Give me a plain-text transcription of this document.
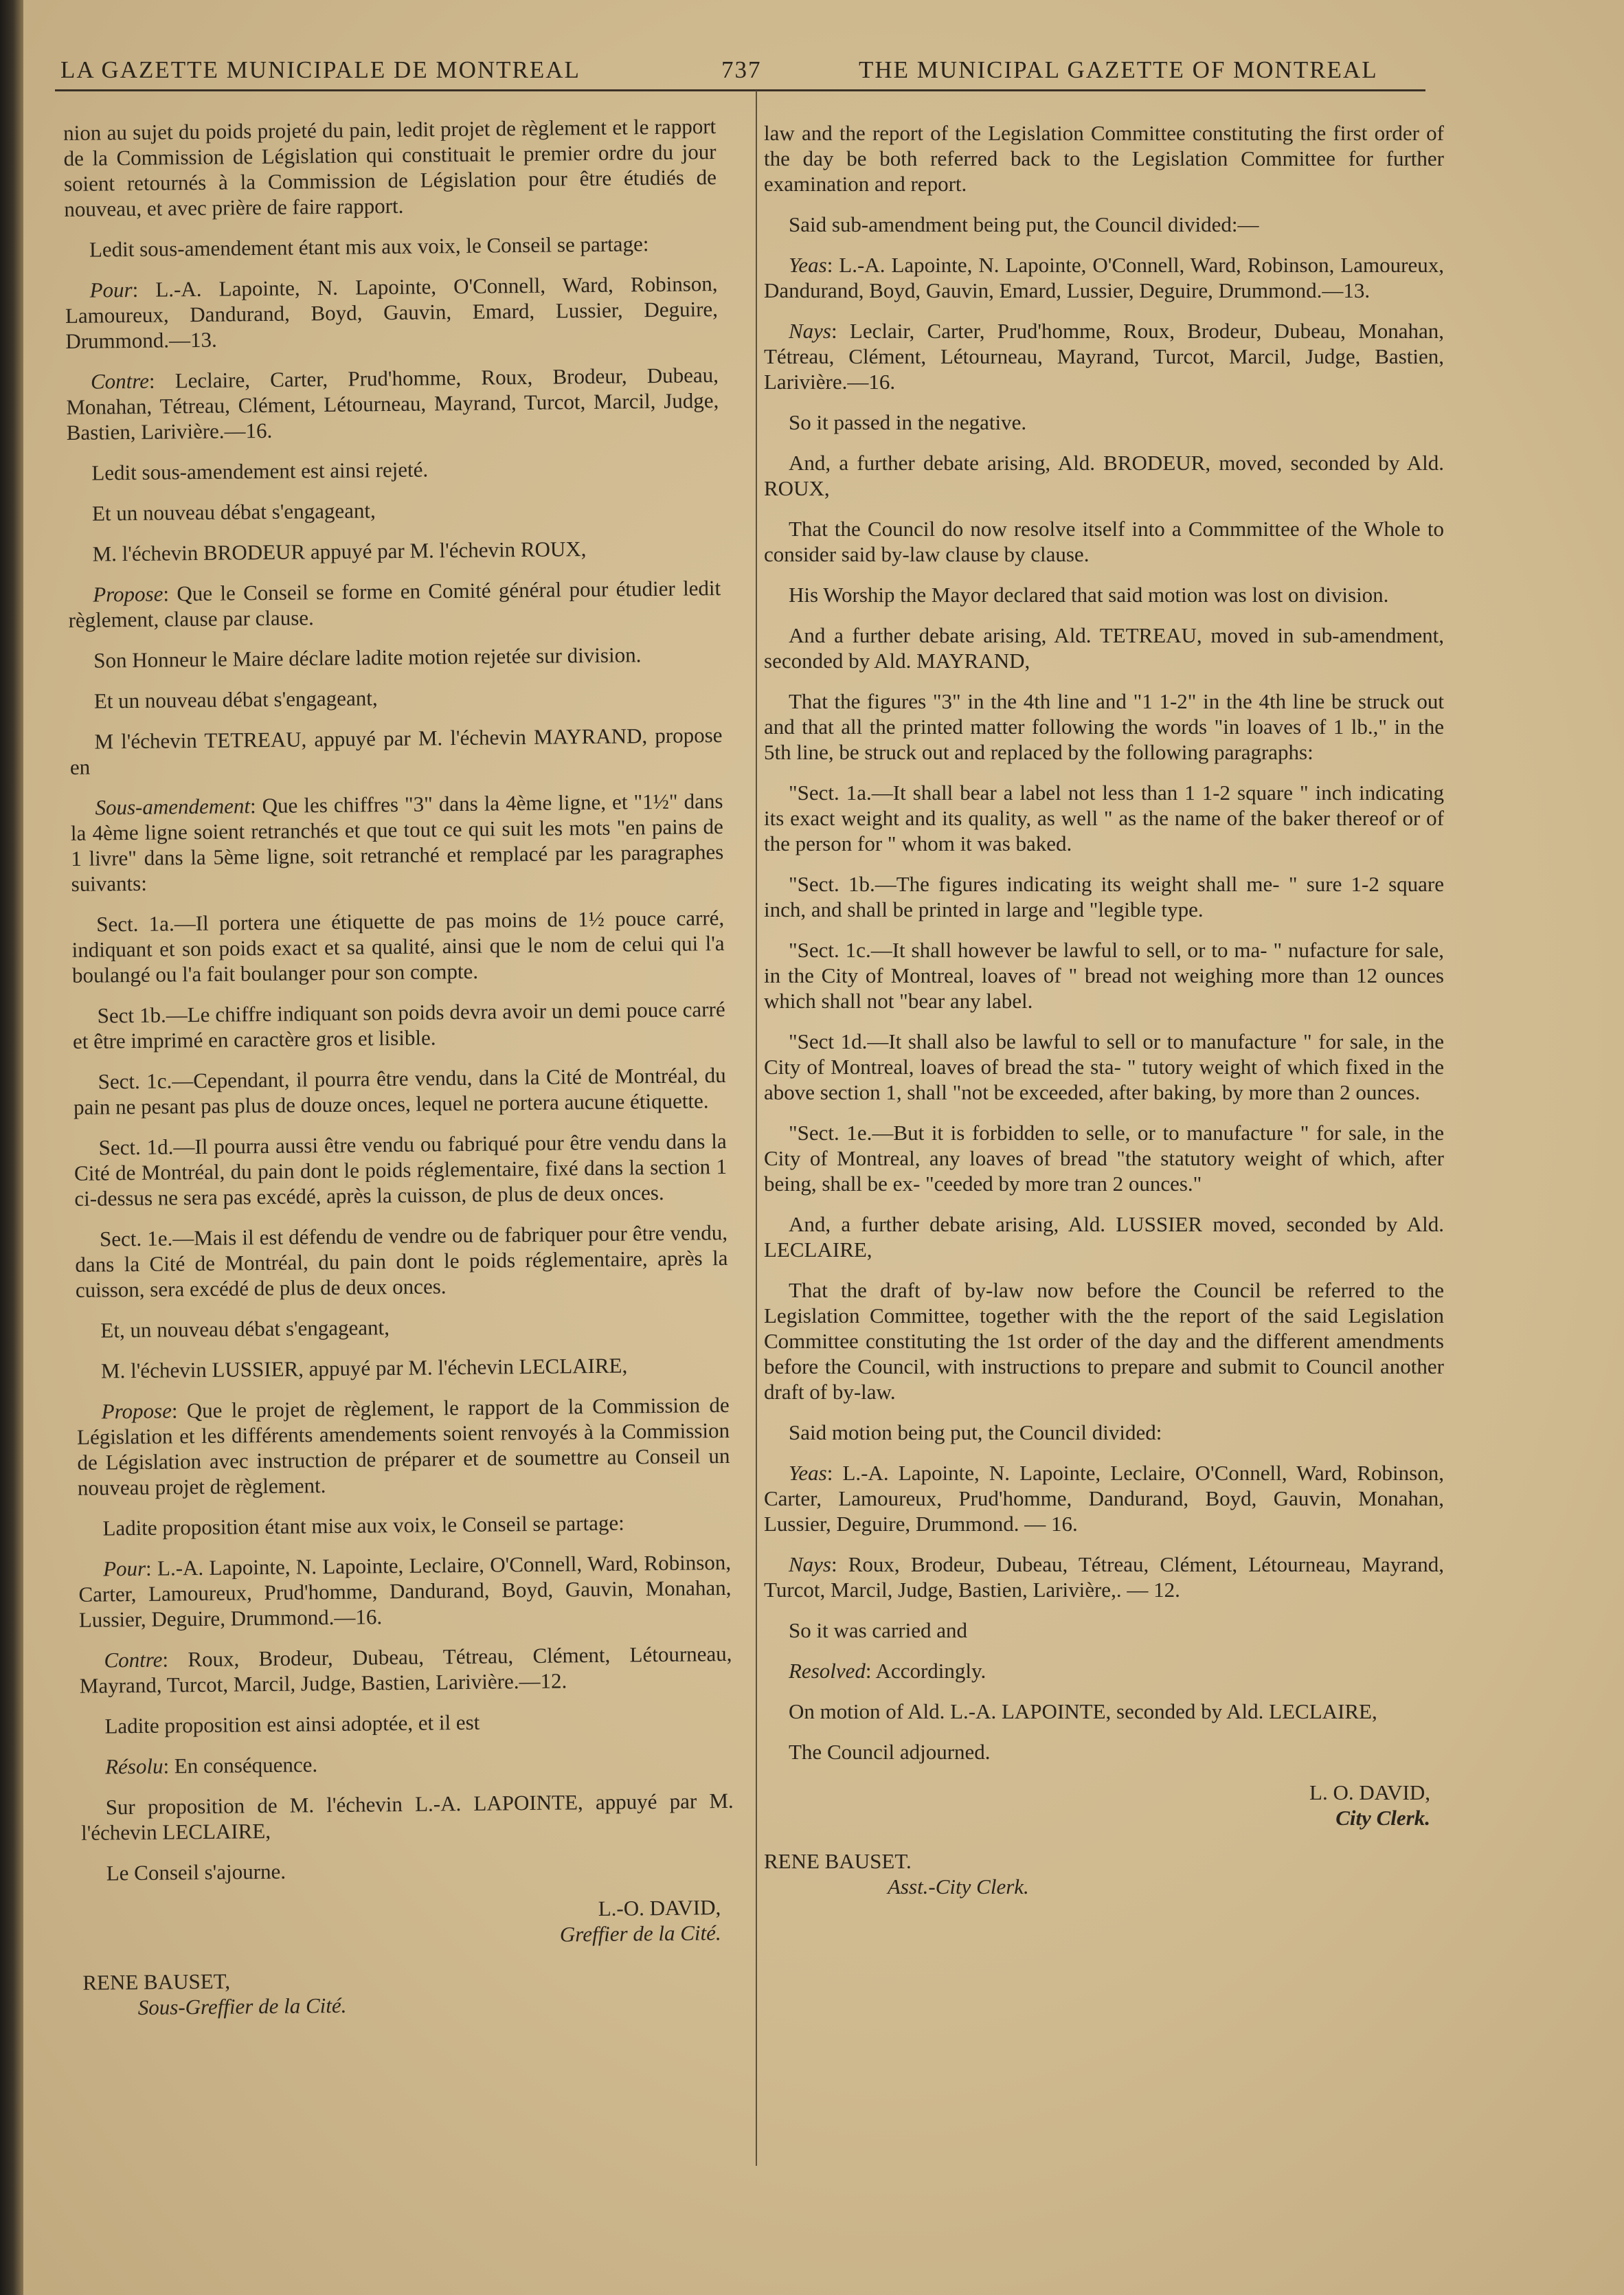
LA GAZETTE MUNICIPALE DE MONTREAL	737	THE MUNICIPAL GAZETTE OF MONTREAL

nion au sujet du poids projeté du pain, ledit projet de règlement et le rapport de la Commission de Législation qui constituait le premier ordre du jour soient retournés à la Commission de Législation pour être étudiés de nouveau, et avec prière de faire rapport.

Ledit sous-amendement étant mis aux voix, le Conseil se partage:

Pour: L.-A. Lapointe, N. Lapointe, O'Connell, Ward, Robinson, Lamoureux, Dandurand, Boyd, Gauvin, Emard, Lussier, Deguire, Drummond.—13.

Contre: Leclaire, Carter, Prud'homme, Roux, Brodeur, Dubeau, Monahan, Tétreau, Clément, Létourneau, Mayrand, Turcot, Marcil, Judge, Bastien, Larivière.—16.

Ledit sous-amendement est ainsi rejeté.

Et un nouveau débat s'engageant,

M. l'échevin BRODEUR appuyé par M. l'échevin ROUX,

Propose: Que le Conseil se forme en Comité général pour étudier ledit règlement, clause par clause.

Son Honneur le Maire déclare ladite motion rejetée sur division.

Et un nouveau débat s'engageant,

M l'échevin TETREAU, appuyé par M. l'échevin MAYRAND, propose en

Sous-amendement: Que les chiffres "3" dans la 4ème ligne, et "1½" dans la 4ème ligne soient retranchés et que tout ce qui suit les mots "en pains de 1 livre" dans la 5ème ligne, soit retranché et remplacé par les paragraphes suivants:

Sect. 1a.—Il portera une étiquette de pas moins de 1½ pouce carré, indiquant et son poids exact et sa qualité, ainsi que le nom de celui qui l'a boulangé ou l'a fait boulanger pour son compte.

Sect 1b.—Le chiffre indiquant son poids devra avoir un demi pouce carré et être imprimé en caractère gros et lisible.

Sect. 1c.—Cependant, il pourra être vendu, dans la Cité de Montréal, du pain ne pesant pas plus de douze onces, lequel ne portera aucune étiquette.

Sect. 1d.—Il pourra aussi être vendu ou fabriqué pour être vendu dans la Cité de Montréal, du pain dont le poids réglementaire, fixé dans la section 1 ci-dessus ne sera pas excédé, après la cuisson, de plus de deux onces.

Sect. 1e.—Mais il est défendu de vendre ou de fabriquer pour être vendu, dans la Cité de Montréal, du pain dont le poids réglementaire, après la cuisson, sera excédé de plus de deux onces.

Et, un nouveau débat s'engageant,

M. l'échevin LUSSIER, appuyé par M. l'échevin LECLAIRE,

Propose: Que le projet de règlement, le rapport de la Commission de Législation et les différents amendements soient renvoyés à la Commission de Législation avec instruction de préparer et de soumettre au Conseil un nouveau projet de règlement.

Ladite proposition étant mise aux voix, le Conseil se partage:

Pour: L.-A. Lapointe, N. Lapointe, Leclaire, O'Connell, Ward, Robinson, Carter, Lamoureux, Prud'homme, Dandurand, Boyd, Gauvin, Monahan, Lussier, Deguire, Drummond.—16.

Contre: Roux, Brodeur, Dubeau, Tétreau, Clément, Létourneau, Mayrand, Turcot, Marcil, Judge, Bastien, Larivière.—12.

Ladite proposition est ainsi adoptée, et il est

Résolu: En conséquence.

Sur proposition de M. l'échevin L.-A. LAPOINTE, appuyé par M. l'échevin LECLAIRE,

Le Conseil s'ajourne.

L.-O. DAVID,

Greffier de la Cité.

RENE BAUSET,

Sous-Greffier de la Cité.

law and the report of the Legislation Committee constituting the first order of the day be both referred back to the Legislation Committee for further examination and report.

Said sub-amendment being put, the Council divided:—

Yeas: L.-A. Lapointe, N. Lapointe, O'Connell, Ward, Robinson, Lamoureux, Dandurand, Boyd, Gauvin, Emard, Lussier, Deguire, Drummond.—13.

Nays: Leclair, Carter, Prud'homme, Roux, Brodeur, Dubeau, Monahan, Tétreau, Clément, Létourneau, Mayrand, Turcot, Marcil, Judge, Bastien, Larivière.—16.

So it passed in the negative.

And, a further debate arising, Ald. BRODEUR, moved, seconded by Ald. ROUX,

That the Council do now resolve itself into a Commmittee of the Whole to consider said by-law clause by clause.

His Worship the Mayor declared that said motion was lost on division.

And a further debate arising, Ald. TETREAU, moved in sub-amendment, seconded by Ald. MAYRAND,

That the figures "3" in the 4th line and "1 1-2" in the 4th line be struck out and that all the printed matter following the words "in loaves of 1 lb.," in the 5th line, be struck out and replaced by the following paragraphs:

"Sect. 1a.—It shall bear a label not less than 1 1-2 square " inch indicating its exact weight and its quality, as well " as the name of the baker thereof or of the person for " whom it was baked.

"Sect. 1b.—The figures indicating its weight shall me- " sure 1-2 square inch, and shall be printed in large and "legible type.

"Sect. 1c.—It shall however be lawful to sell, or to ma- " nufacture for sale, in the City of Montreal, loaves of " bread not weighing more than 12 ounces which shall not "bear any label.

"Sect 1d.—It shall also be lawful to sell or to manufacture " for sale, in the City of Montreal, loaves of bread the sta- " tutory weight of which fixed in the above section 1, shall "not be exceeded, after baking, by more than 2 ounces.

"Sect. 1e.—But it is forbidden to selle, or to manufacture " for sale, in the City of Montreal, any loaves of bread "the statutory weight of which, after being, shall be ex- "ceeded by more tran 2 ounces."

And, a further debate arising, Ald. LUSSIER moved, seconded by Ald. LECLAIRE,

That the draft of by-law now before the Council be referred to the Legislation Committee, together with the the report of the said Legislation Committee constituting the 1st order of the day and the different amendments before the Council, with instructions to prepare and submit to Council another draft of by-law.

Said motion being put, the Council divided:

Yeas: L.-A. Lapointe, N. Lapointe, Leclaire, O'Connell, Ward, Robinson, Carter, Lamoureux, Prud'homme, Dandurand, Boyd, Gauvin, Monahan, Lussier, Deguire, Drummond. — 16.

Nays: Roux, Brodeur, Dubeau, Tétreau, Clément, Létourneau, Mayrand, Turcot, Marcil, Judge, Bastien, Larivière,. — 12.

So it was carried and

Resolved: Accordingly.

On motion of Ald. L.-A. LAPOINTE, seconded by Ald. LECLAIRE,

The Council adjourned.

L. O. DAVID,

City Clerk.

RENE BAUSET.

Asst.-City Clerk.
